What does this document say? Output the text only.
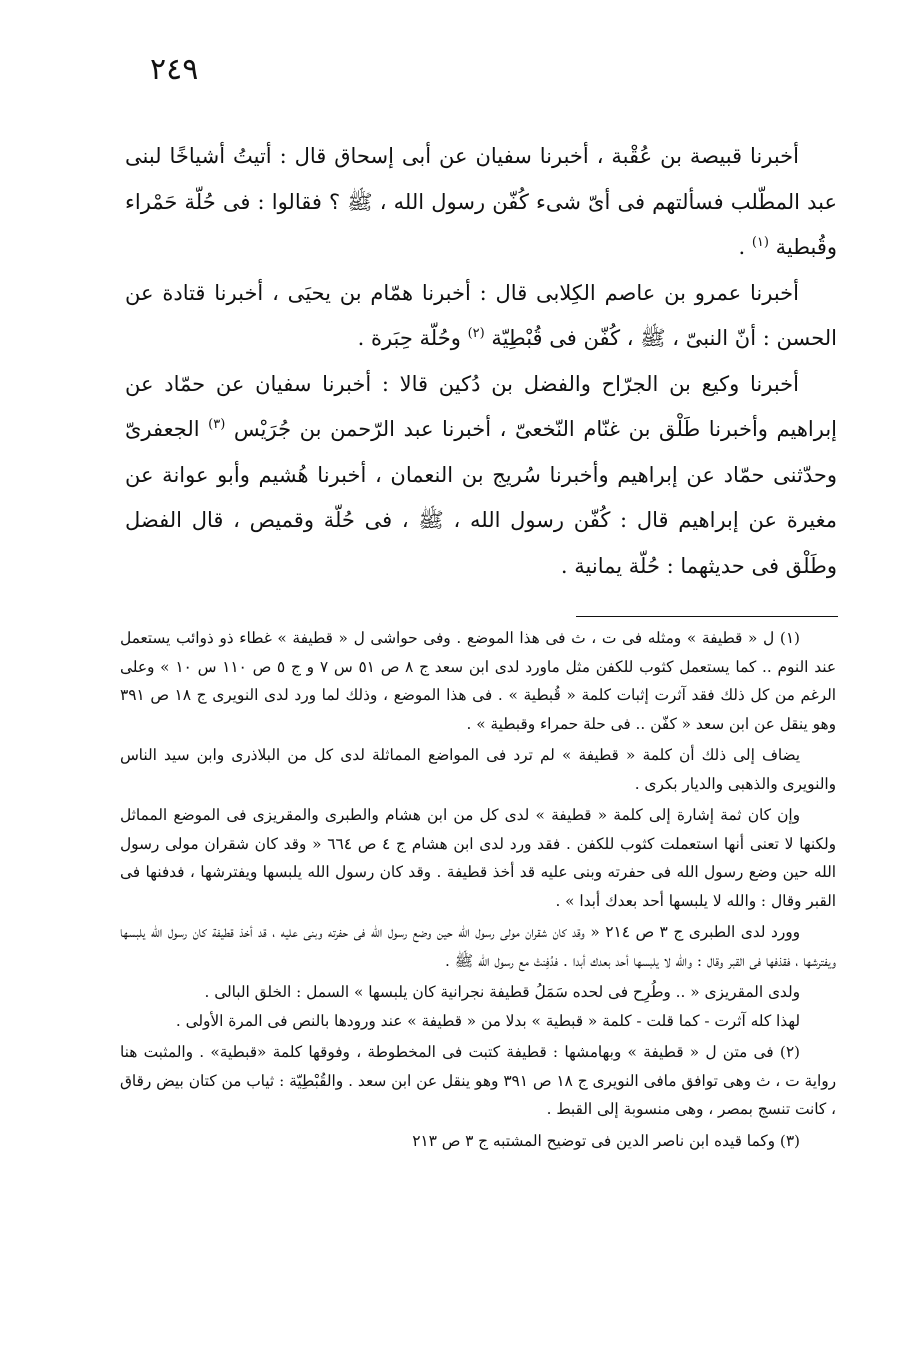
٢٤٩

أخبرنا قبيصة بن عُقْبة ، أخبرنا سفيان عن أبى إسحاق قال : أتيتُ أشياخًا لبنى عبد المطّلب فسألتهم فى أىّ شىء كُفّن رسول الله ، ﷺ ؟ فقالوا : فى حُلّة حَمْراء وقُبطية $^{(١)}$ .

أخبرنا عمرو بن عاصم الكِلابى قال : أخبرنا همّام بن يحيَى ، أخبرنا قتادة عن الحسن : أنّ النبىّ ، ﷺ ، كُفّن فى قُبْطِيّة $^{(٢)}$ وحُلّة حِبَرة .

أخبرنا وكيع بن الجرّاح والفضل بن دُكين قالا : أخبرنا سفيان عن حمّاد عن إبراهيم وأخبرنا طَلْق بن غنّام النّخعىّ ، أخبرنا عبد الرّحمن بن جُرَيْس $^{(٣)}$ الجعفرىّ وحدّثنى حمّاد عن إبراهيم وأخبرنا سُريج بن النعمان ، أخبرنا هُشيم وأبو عوانة عن مغيرة عن إبراهيم قال : كُفّن رسول الله ، ﷺ ، فى حُلّة وقميص ، قال الفضل وطَلْق فى حديثهما : حُلّة يمانية .

(١) ل « قطيفة » ومثله فى ت ، ث فى هذا الموضع . وفى حواشى ل « قطيفة » غطاء ذو ذوائب يستعمل عند النوم .. كما يستعمل كثوب للكفن مثل ماورد لدى ابن سعد ج ٨ ص ٥١ س ٧ و ج ٥ ص ١١٠ س ١٠ » وعلى الرغم من كل ذلك فقد آثرت إثبات كلمة « قُبطية » . فى هذا الموضع ، وذلك لما ورد لدى النويرى ج ١٨ ص ٣٩١ وهو ينقل عن ابن سعد « كفّن .. فى حلة حمراء وقبطية » .

يضاف إلى ذلك أن كلمة « قطيفة » لم ترد فى المواضع المماثلة لدى كل من البلاذرى وابن سيد الناس والنويرى والذهبى والديار بكرى .

وإن كان ثمة إشارة إلى كلمة « قطيفة » لدى كل من ابن هشام والطبرى والمقريزى فى الموضع المماثل ولكنها لا تعنى أنها استعملت كثوب للكفن . فقد ورد لدى ابن هشام ج ٤ ص ٦٦٤ « وقد كان شقران مولى رسول الله حين وضع رسول الله فى حفرته وبنى عليه قد أخذ قطيفة . وقد كان رسول الله يلبسها ويفترشها ، فدفنها فى القبر وقال : والله لا يلبسها أحد بعدك أبدا » .

وورد لدى الطبرى ج ٣ ص ٢١٤ « وقد كان شقران مولى رسول الله حين وضع رسول الله فى حفرته وبنى عليه ، قد أخذ قطيفة كان رسول الله يلبسها ويفترشها ، فقذفها فى القبر وقال : والله لا يلبسها أحد بعدك أبدا . فدُفِنتْ مع رسول الله ﷺ .

ولدى المقريزى « .. وطُرِح فى لحده سَمَلُ قطيفة نجرانية كان يلبسها » السمل : الخلق البالى .

لهذا كله آثرت - كما قلت - كلمة « قبطية » بدلا من « قطيفة » عند ورودها بالنص فى المرة الأولى .

(٢) فى متن ل « قطيفة » وبهامشها : قطيفة كتبت فى المخطوطة ، وفوقها كلمة «قبطية» . والمثبت هنا رواية ت ، ث وهى توافق مافى النويرى ج ١٨ ص ٣٩١ وهو ينقل عن ابن سعد . والقُبْطِيّة : ثياب من كتان بيض رقاق ، كانت تنسج بمصر ، وهى منسوبة إلى القبط .

(٣) وكما قيده ابن ناصر الدين فى توضيح المشتبه ج ٣ ص ٢١٣
